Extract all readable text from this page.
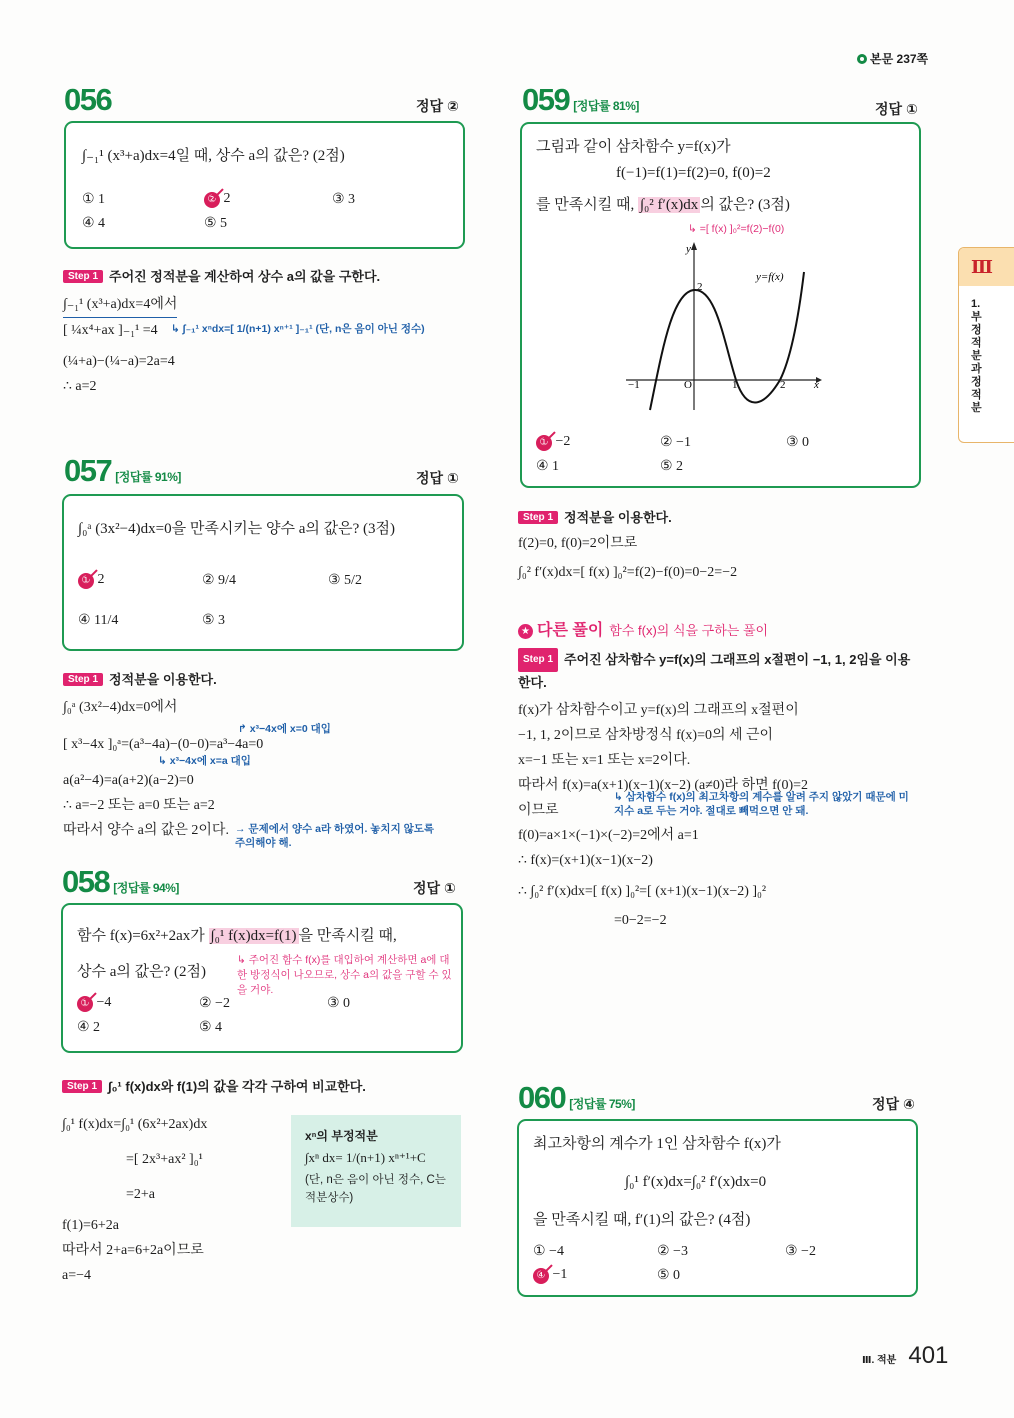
본문 237쪽
056	정답 ②
∫₋₁¹ (x³+a)dx=4일 때, 상수 a의 값은? (2점)
① 1	② 2	③ 3
④ 4	⑤ 5
Step 1 주어진 정적분을 계산하여 상수 a의 값을 구한다.
∫₋₁¹ (x³+a)dx=4에서
[ ¼x⁴+ax ]₋₁¹ =4 ↳ ∫₋₁¹ xⁿdx=[ 1/(n+1) xⁿ⁺¹ ]₋₁¹ (단, n은 음이 아닌 정수)
(¼+a)−(¼−a)=2a=4
∴ a=2
057 [정답률 91%]	정답 ①
∫₀ᵃ (3x²−4)dx=0을 만족시키는 양수 a의 값은? (3점)
① 2	② 9/4	③ 5/2
④ 11/4	⑤ 3
Step 1 정적분을 이용한다.
∫₀ᵃ (3x²−4)dx=0에서
↱ x³−4x에 x=0 대입
[ x³−4x ]₀ᵃ=(a³−4a)−(0−0)=a³−4a=0
↳ x³−4x에 x=a 대입
a(a²−4)=a(a+2)(a−2)=0
∴ a=−2 또는 a=0 또는 a=2
따라서 양수 a의 값은 2이다. → 문제에서 양수 a라 하였어. 놓치지 않도록 주의해야 해.
058 [정답률 94%]	정답 ①
함수 f(x)=6x²+2ax가 ∫₀¹ f(x)dx=f(1) 을 만족시킬 때,
상수 a의 값은? (2점)
↳ 주어진 함수 f(x)를 대입하여 계산하면 a에 대한 방정식이 나오므로, 상수 a의 값을 구할 수 있을 거야.
① −4	② −2	③ 0
④ 2	⑤ 4
Step 1 ∫₀¹ f(x)dx와 f(1)의 값을 각각 구하여 비교한다.
∫₀¹ f(x)dx=∫₀¹ (6x²+2ax)dx
=[ 2x³+ax² ]₀¹
=2+a
f(1)=6+2a
따라서 2+a=6+2a이므로
a=−4
xⁿ의 부정적분
∫xⁿ dx= 1/(n+1) xⁿ⁺¹+C
(단, n은 음이 아닌 정수, C는 적분상수)
059 [정답률 81%]	정답 ①
그림과 같이 삼차함수 y=f(x)가
f(−1)=f(1)=f(2)=0, f(0)=2
를 만족시킬 때, ∫₀² f′(x)dx 의 값은? (3점)
↳ =[ f(x) ]₀²=f(2)−f(0)
−1	O	1	2
2
x
y
y=f(x)
① −2	② −1	③ 0
④ 1	⑤ 2
Step 1 정적분을 이용한다.
f(2)=0, f(0)=2이므로
∫₀² f′(x)dx=[ f(x) ]₀²=f(2)−f(0)=0−2=−2
★ 다른 풀이 함수 f(x)의 식을 구하는 풀이
Step 1 주어진 삼차함수 y=f(x)의 그래프의 x절편이 −1, 1, 2임을 이용한다.
f(x)가 삼차함수이고 y=f(x)의 그래프의 x절편이
−1, 1, 2이므로 삼차방정식 f(x)=0의 세 근이
x=−1 또는 x=1 또는 x=2이다.
따라서 f(x)=a(x+1)(x−1)(x−2) (a≠0)라 하면 f(0)=2
이므로
↳ 삼차함수 f(x)의 최고차항의 계수를 알려 주지 않았기 때문에 미지수 a로 두는 거야. 절대로 빼먹으면 안 돼.
f(0)=a×1×(−1)×(−2)=2에서 a=1
∴ f(x)=(x+1)(x−1)(x−2)
∴ ∫₀² f′(x)dx=[ f(x) ]₀²=[ (x+1)(x−1)(x−2) ]₀²
=0−2=−2
060 [정답률 75%]	정답 ④
최고차항의 계수가 1인 삼차함수 f(x)가
∫₀¹ f′(x)dx=∫₀² f′(x)dx=0
을 만족시킬 때, f′(1)의 값은? (4점)
① −4	② −3	③ −2
④ −1	⑤ 0
Ⅲ
1.부정적분과정적분
Ⅲ. 적분 401
